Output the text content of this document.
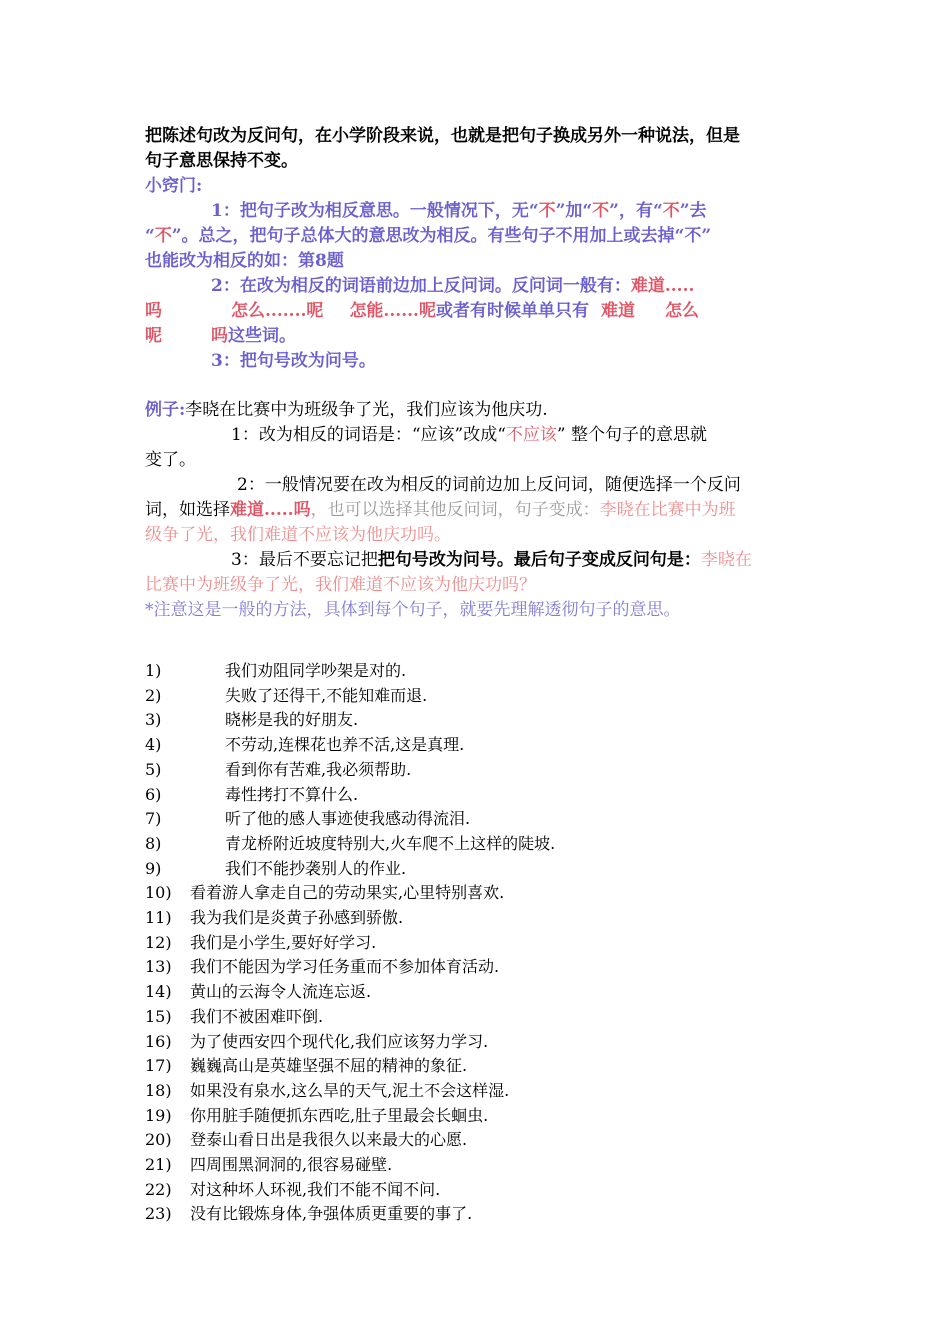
把陈述句改为反问句，在小学阶段来说，也就是把句子换成另外一种说法，但是
句子意思保持不变。
小窍门:
1：把句子改为相反意思。一般情况下，无“不”加“不”，有“不”去
“不”。总之，把句子总体大的意思改为相反。有些句子不用加上或去掉“不”
也能改为相反的如：第8题
2：在改为相反的词语前边加上反问词。反问词一般有：难道.....
吗	怎么.......呢 怎能......呢或者有时候单单只有 难道 怎么
呢	吗这些词。
3：把句号改为问号。
例子:李晓在比赛中为班级争了光，我们应该为他庆功.
1：改为相反的词语是：“应该”改成“不应该” 整个句子的意思就
变了。
2：一般情况要在改为相反的词前边加上反问词，随便选择一个反问
词，如选择难道.....吗，也可以选择其他反问词，句子变成：李晓在比赛中为班
级争了光，我们难道不应该为他庆功吗。
3：最后不要忘记把把句号改为问号。最后句子变成反问句是：李晓在
比赛中为班级争了光，我们难道不应该为他庆功吗？
*注意这是一般的方法，具体到每个句子，就要先理解透彻句子的意思。
1)	我们劝阻同学吵架是对的.
2)	失败了还得干,不能知难而退.
3)	晓彬是我的好朋友.
4)	不劳动,连棵花也养不活,这是真理.
5)	看到你有苦难,我必须帮助.
6)	毒性拷打不算什么.
7)	听了他的感人事迹使我感动得流泪.
8)	青龙桥附近坡度特别大,火车爬不上这样的陡坡.
9)	我们不能抄袭别人的作业.
10)	看着游人拿走自己的劳动果实,心里特别喜欢.
11)	我为我们是炎黄子孙感到骄傲.
12)	我们是小学生,要好好学习.
13)	我们不能因为学习任务重而不参加体育活动.
14)	黄山的云海令人流连忘返.
15)	我们不被困难吓倒.
16)	为了使西安四个现代化,我们应该努力学习.
17)	巍巍高山是英雄坚强不屈的精神的象征.
18)	如果没有泉水,这么旱的天气,泥土不会这样湿.
19)	你用脏手随便抓东西吃,肚子里最会长蛔虫.
20)	登泰山看日出是我很久以来最大的心愿.
21)	四周围黑洞洞的,很容易碰壁.
22)	对这种坏人环视,我们不能不闻不问.
23)	没有比锻炼身体,争强体质更重要的事了.
